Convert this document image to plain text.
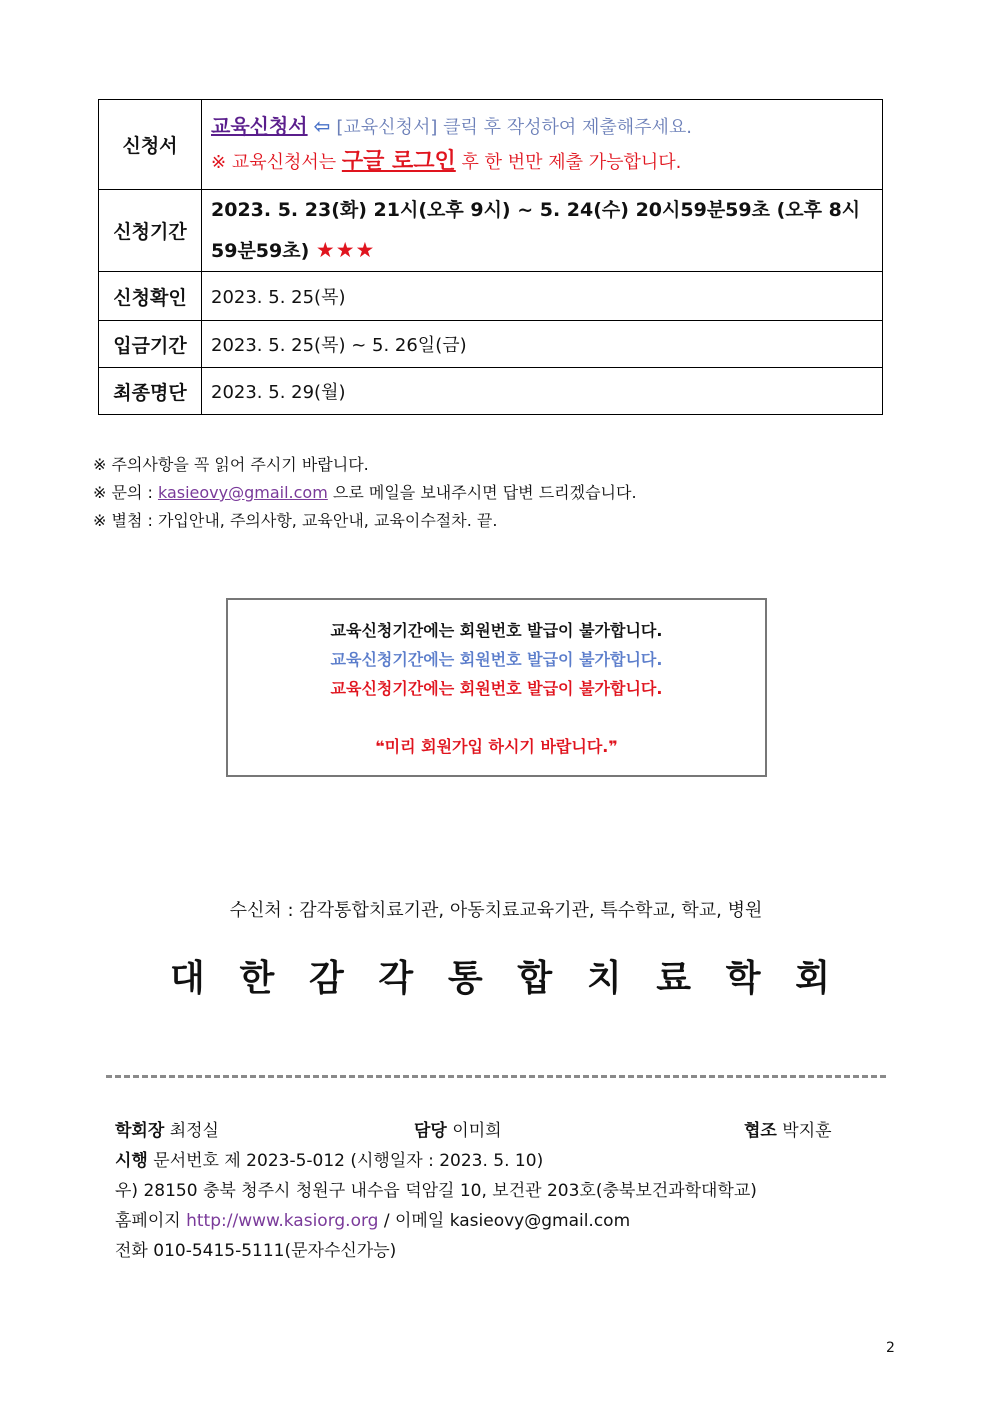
신청서	교육신청서 ⇦ [교육신청서] 클릭 후 작성하여 제출해주세요.
※ 교육신청서는 구글 로그인 후 한 번만 제출 가능합니다.

신청기간	2023. 5. 23(화) 21시(오후 9시) ~ 5. 24(수) 20시59분59초 (오후 8시
59분59초) ★★★

신청확인	2023. 5. 25(목)
입금기간	2023. 5. 25(목) ~ 5. 26일(금)
최종명단	2023. 5. 29(월)
※ 주의사항을 꼭 읽어 주시기 바랍니다.
※ 문의 : kasieovy@gmail.com 으로 메일을 보내주시면 답변 드리겠습니다.
※ 별첨 : 가입안내, 주의사항, 교육안내, 교육이수절차. 끝.
교육신청기간에는 회원번호 발급이 불가합니다.
교육신청기간에는 회원번호 발급이 불가합니다.
교육신청기간에는 회원번호 발급이 불가합니다.
❝미리 회원가입 하시기 바랍니다.❞
수신처 : 감각통합치료기관, 아동치료교육기관, 특수학교, 학교, 병원
대 한 감 각 통 합 치 료 학 회
학회장 최정실	담당 이미희	협조 박지훈
시행 문서번호 제 2023-5-012 (시행일자 : 2023. 5. 10)
우) 28150 충북 청주시 청원구 내수읍 덕암길 10, 보건관 203호(충북보건과학대학교)
홈페이지 http://www.kasiorg.org / 이메일 kasieovy@gmail.com
전화 010-5415-5111(문자수신가능)
2
